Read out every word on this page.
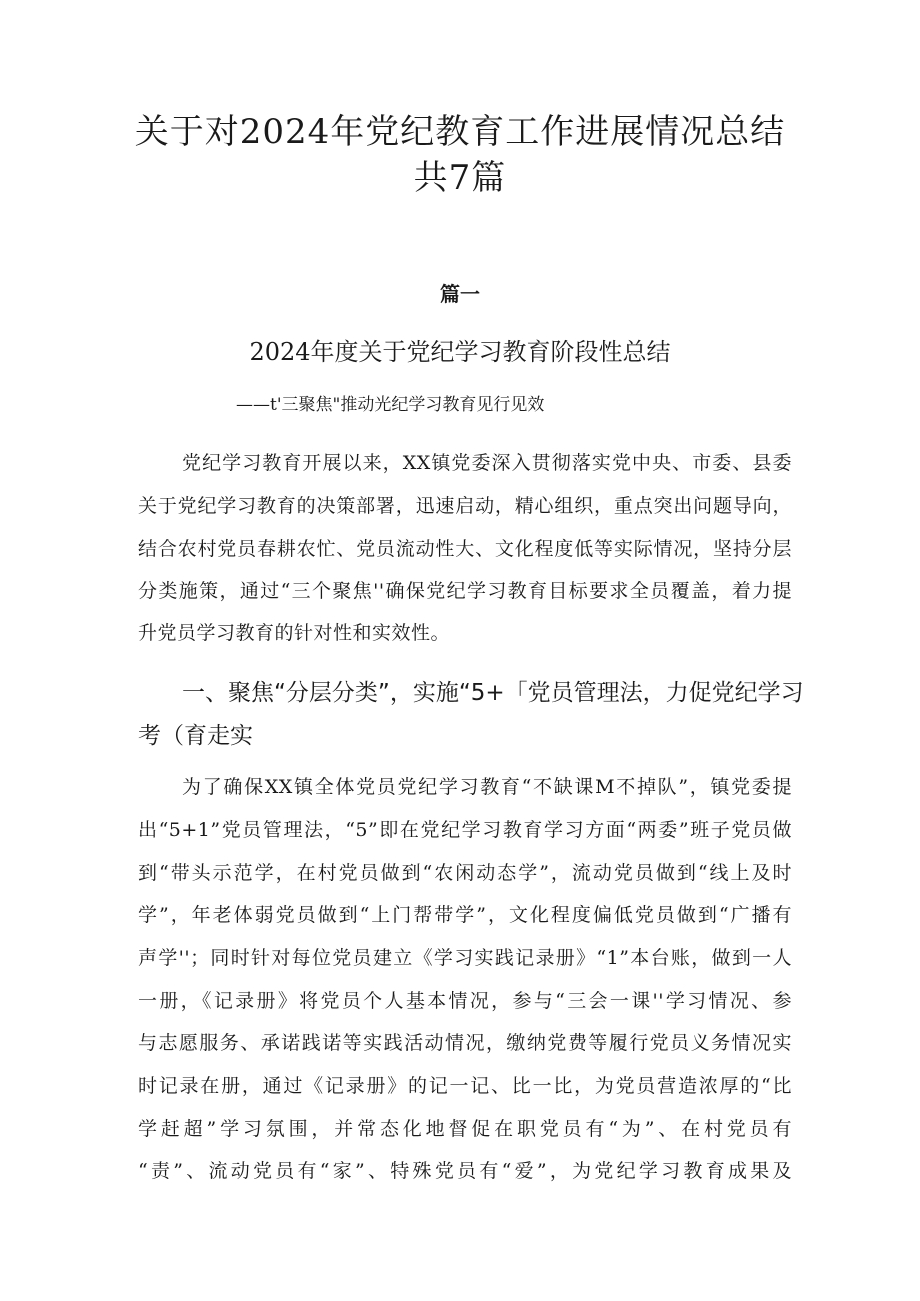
关于对2024年党纪教育工作进展情况总结
共7篇
篇一
2024年度关于党纪学习教育阶段性总结
——t'三聚焦"推动光纪学习教育见行见效
党纪学习教育开展以来，XX镇党委深入贯彻落实党中央、市委、县委
关于党纪学习教育的决策部署，迅速启动，精心组织，重点突出问题导向，
结合农村党员春耕农忙、党员流动性大、文化程度低等实际情况，坚持分层
分类施策，通过“三个聚焦''确保党纪学习教育目标要求全员覆盖，着力提
升党员学习教育的针对性和实效性。
一、聚焦“分层分类”，实施“5+「党员管理法，力促党纪学习
考（育走实
为了确保XX镇全体党员党纪学习教育“不缺课M不掉队”，镇党委提
出“5+1”党员管理法，“5”即在党纪学习教育学习方面“两委”班子党员做
到“带头示范学，在村党员做到“农闲动态学”，流动党员做到“线上及时
学”，年老体弱党员做到“上门帮带学”，文化程度偏低党员做到“广播有
声学''；同时针对每位党员建立《学习实践记录册》“1”本台账，做到一人
一册，《记录册》将党员个人基本情况，参与“三会一课''学习情况、参
与志愿服务、承诺践诺等实践活动情况，缴纳党费等履行党员义务情况实
时记录在册，通过《记录册》的记一记、比一比，为党员营造浓厚的“比
学赶超”学习氛围，并常态化地督促在职党员有“为”、在村党员有
“责”、流动党员有“家”、特殊党员有“爱”，为党纪学习教育成果及
